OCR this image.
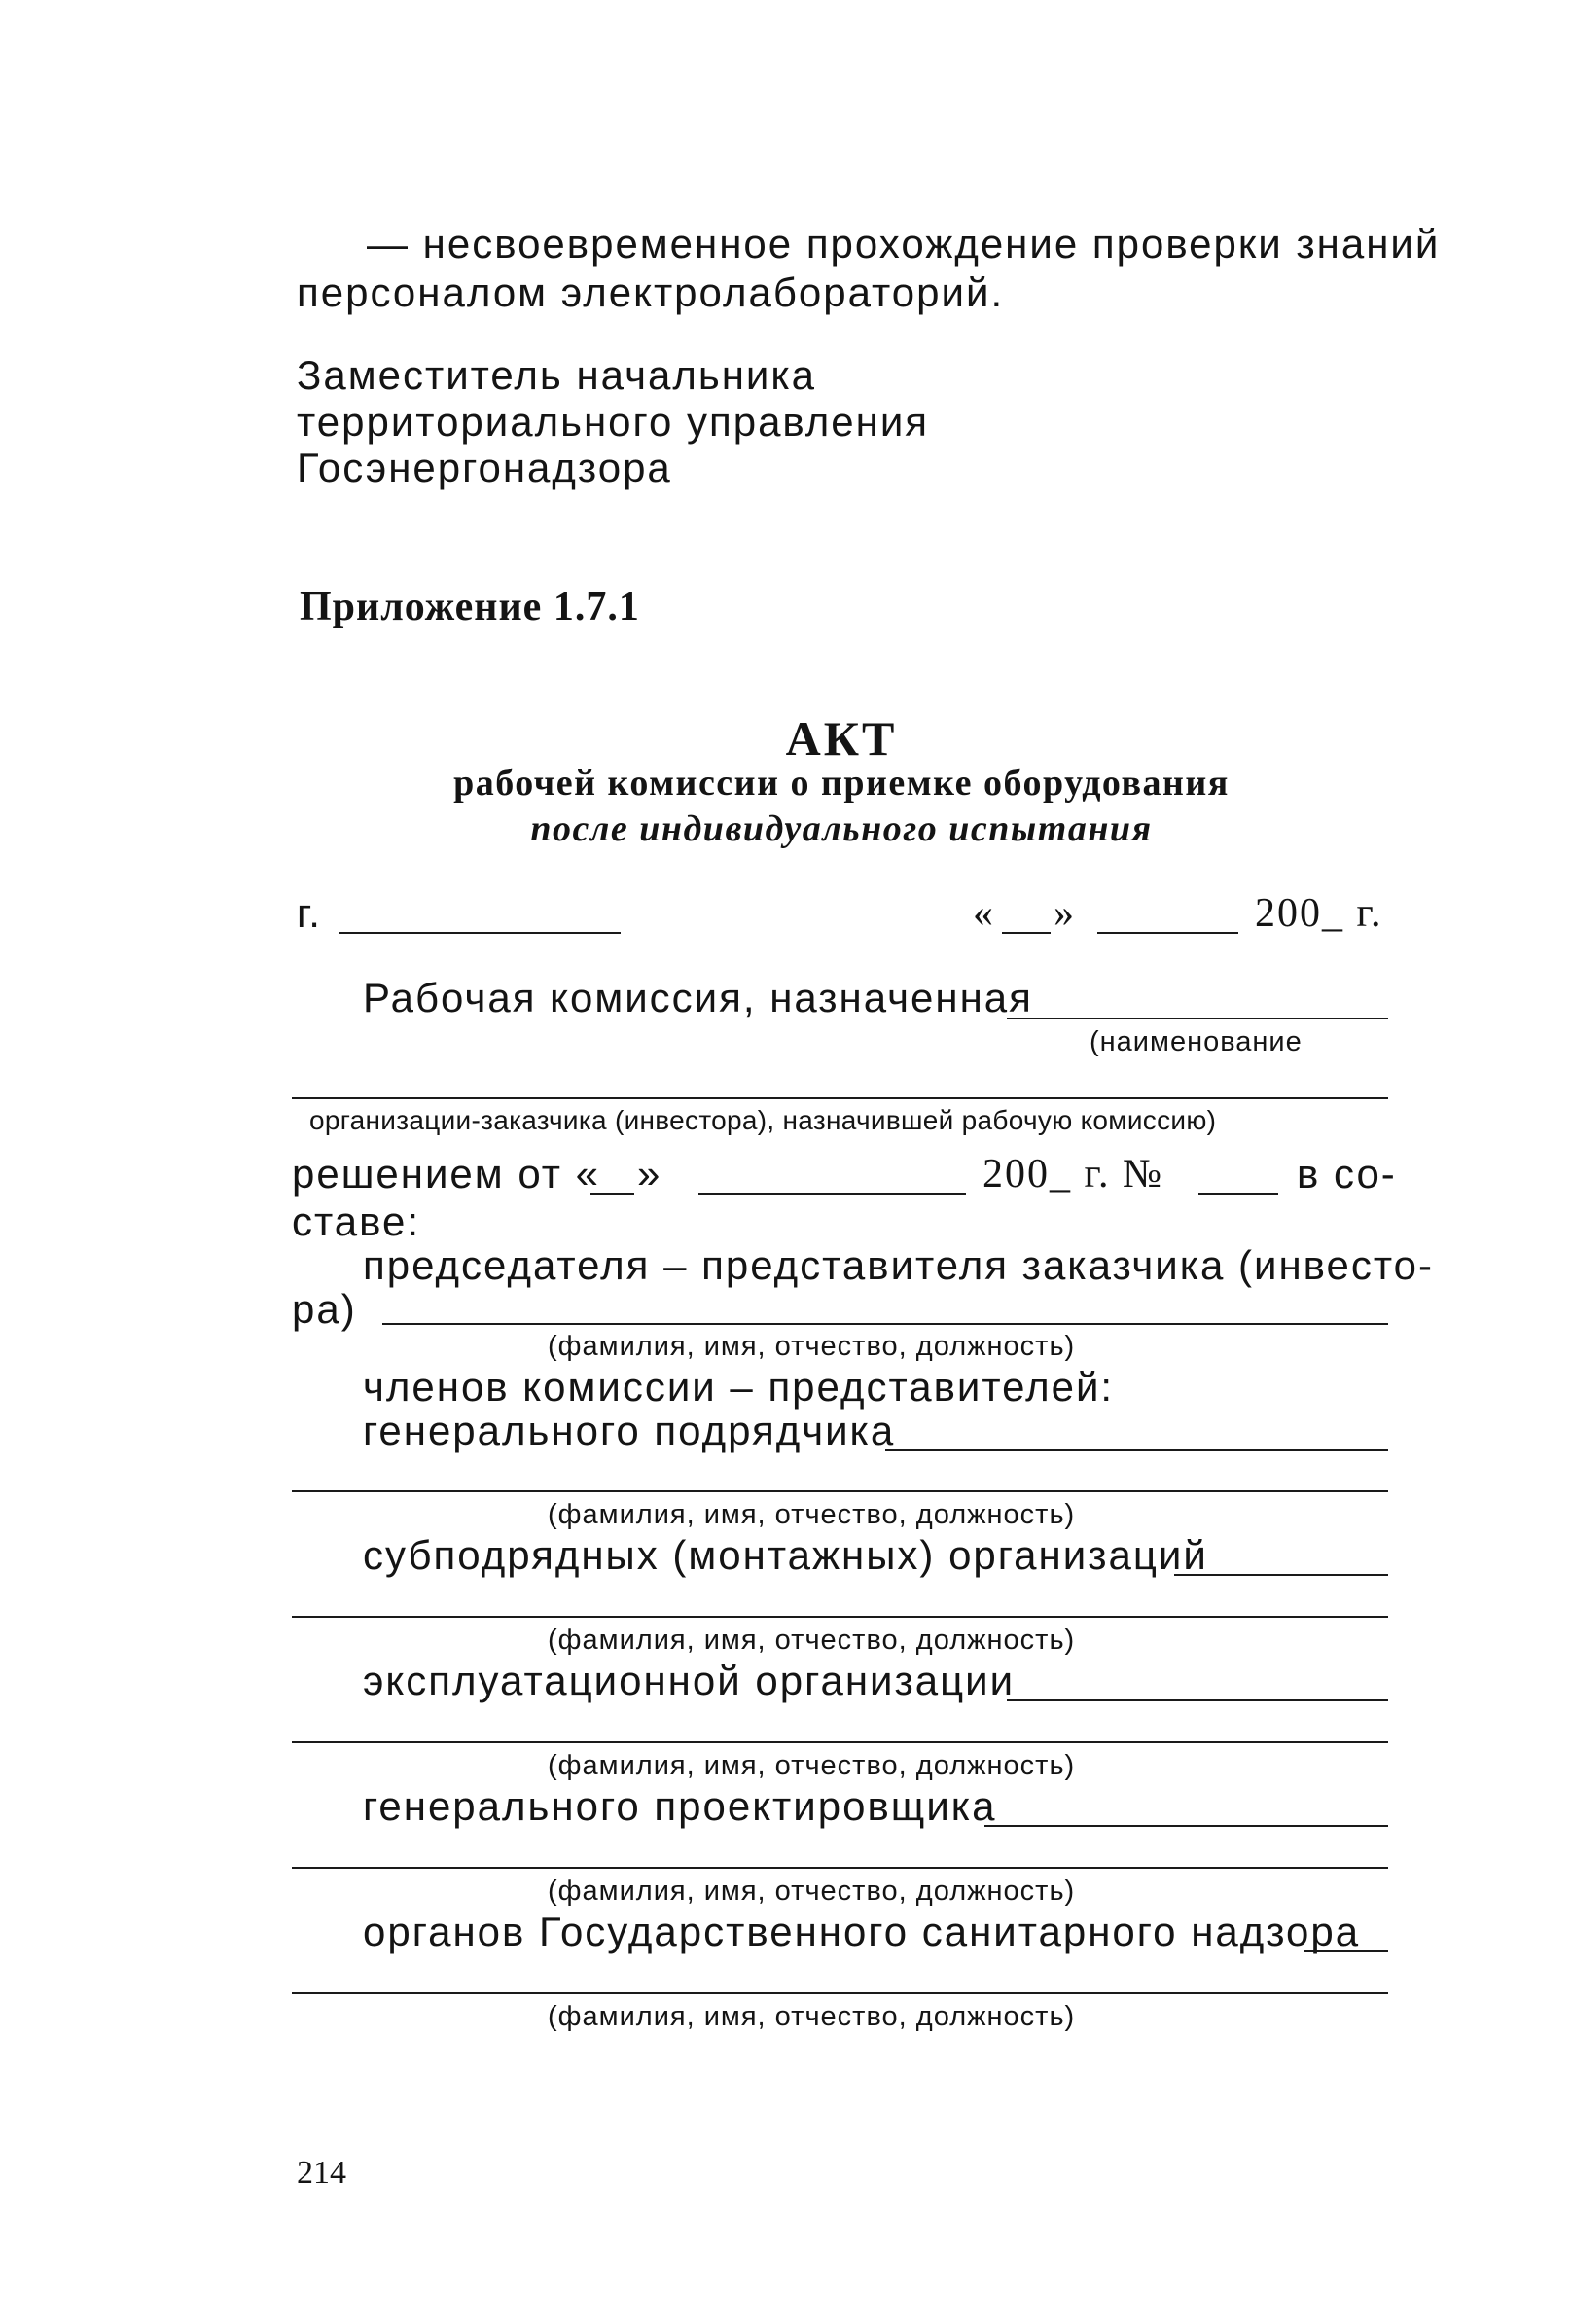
— несвоевременное прохождение проверки знаний
персоналом электролабораторий.
Заместитель начальника
территориального управления
Госэнергонадзора
Приложение 1.7.1
АКТ
рабочей комиссии о приемке оборудования
после индивидуального испытания
г.	« »	200_ г.
Рабочая комиссия, назначенная
(наименование
организации-заказчика (инвестора), назначившей рабочую комиссию)
решением от « »	200_ г. №	в со-
ставе:
председателя – представителя заказчика (инвесто-
ра)
(фамилия, имя, отчество, должность)
членов комиссии – представителей:
генерального подрядчика
(фамилия, имя, отчество, должность)
субподрядных (монтажных) организаций
(фамилия, имя, отчество, должность)
эксплуатационной организации
(фамилия, имя, отчество, должность)
генерального проектировщика
(фамилия, имя, отчество, должность)
органов Государственного санитарного надзора
(фамилия, имя, отчество, должность)
214
